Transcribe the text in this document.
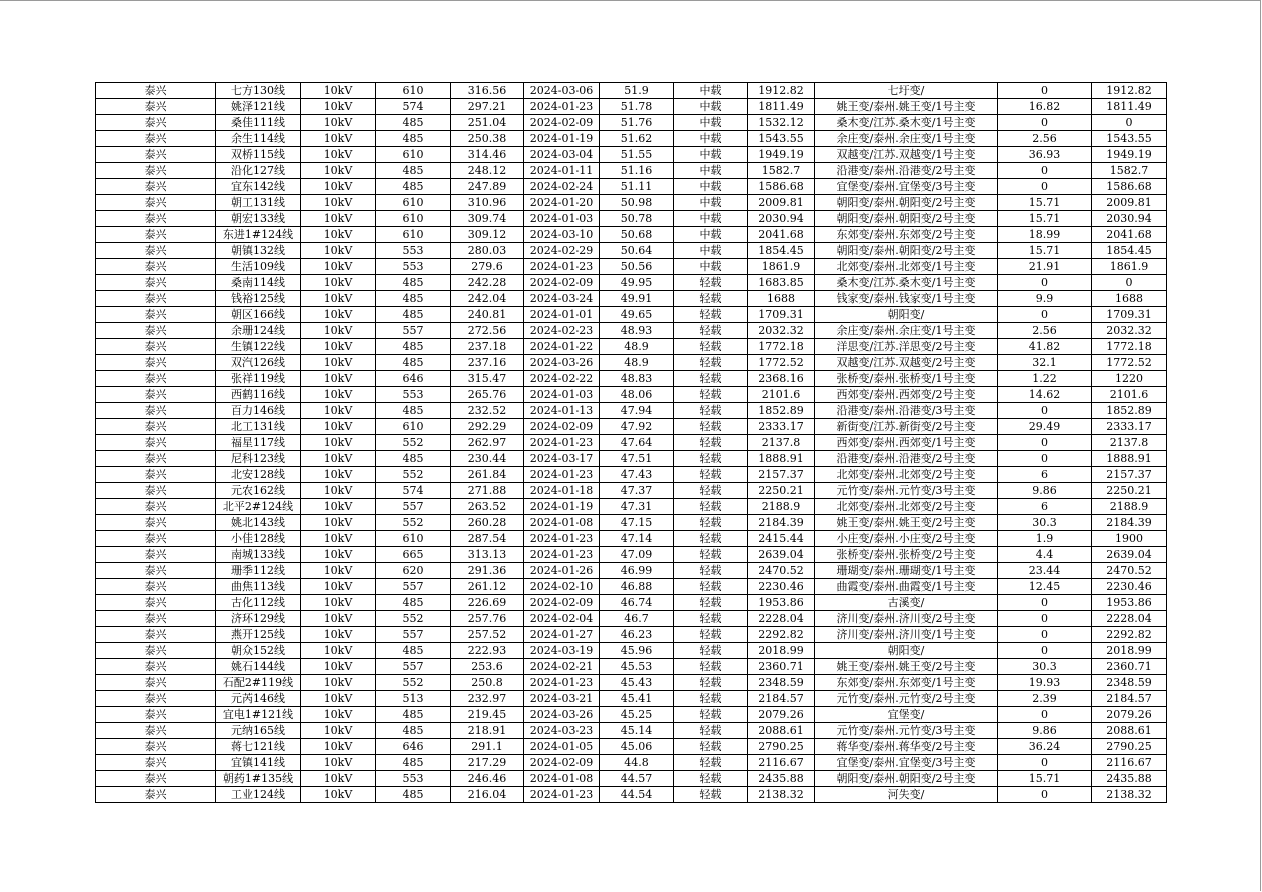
泰兴	七方130线	10kV	610	316.56	2024-03-06	51.9	中载	1912.82	七圩变/	0	1912.82
泰兴	姚泽121线	10kV	574	297.21	2024-01-23	51.78	中载	1811.49	姚王变/泰州.姚王变/1号主变	16.82	1811.49
泰兴	桑佳111线	10kV	485	251.04	2024-02-09	51.76	中载	1532.12	桑木变/江苏.桑木变/1号主变	0	0
泰兴	余生114线	10kV	485	250.38	2024-01-19	51.62	中载	1543.55	余庄变/泰州.余庄变/1号主变	2.56	1543.55
泰兴	双桥115线	10kV	610	314.46	2024-03-04	51.55	中载	1949.19	双越变/江苏.双越变/1号主变	36.93	1949.19
泰兴	沿化127线	10kV	485	248.12	2024-01-11	51.16	中载	1582.7	沿港变/泰州.沿港变/2号主变	0	1582.7
泰兴	宜东142线	10kV	485	247.89	2024-02-24	51.11	中载	1586.68	宜堡变/泰州.宜堡变/3号主变	0	1586.68
泰兴	朝工131线	10kV	610	310.96	2024-01-20	50.98	中载	2009.81	朝阳变/泰州.朝阳变/2号主变	15.71	2009.81
泰兴	朝宏133线	10kV	610	309.74	2024-01-03	50.78	中载	2030.94	朝阳变/泰州.朝阳变/2号主变	15.71	2030.94
泰兴	东进1#124线	10kV	610	309.12	2024-03-10	50.68	中载	2041.68	东郊变/泰州.东郊变/2号主变	18.99	2041.68
泰兴	朝镇132线	10kV	553	280.03	2024-02-29	50.64	中载	1854.45	朝阳变/泰州.朝阳变/2号主变	15.71	1854.45
泰兴	生活109线	10kV	553	279.6	2024-01-23	50.56	中载	1861.9	北郊变/泰州.北郊变/1号主变	21.91	1861.9
泰兴	桑南114线	10kV	485	242.28	2024-02-09	49.95	轻载	1683.85	桑木变/江苏.桑木变/1号主变	0	0
泰兴	钱裕125线	10kV	485	242.04	2024-03-24	49.91	轻载	1688	钱家变/泰州.钱家变/1号主变	9.9	1688
泰兴	朝区166线	10kV	485	240.81	2024-01-01	49.65	轻载	1709.31	朝阳变/	0	1709.31
泰兴	余珊124线	10kV	557	272.56	2024-02-23	48.93	轻载	2032.32	余庄变/泰州.余庄变/1号主变	2.56	2032.32
泰兴	生镇122线	10kV	485	237.18	2024-01-22	48.9	轻载	1772.18	洋思变/江苏.洋思变/2号主变	41.82	1772.18
泰兴	双汽126线	10kV	485	237.16	2024-03-26	48.9	轻载	1772.52	双越变/江苏.双越变/2号主变	32.1	1772.52
泰兴	张祥119线	10kV	646	315.47	2024-02-22	48.83	轻载	2368.16	张桥变/泰州.张桥变/1号主变	1.22	1220
泰兴	西鹤116线	10kV	553	265.76	2024-01-03	48.06	轻载	2101.6	西郊变/泰州.西郊变/2号主变	14.62	2101.6
泰兴	百力146线	10kV	485	232.52	2024-01-13	47.94	轻载	1852.89	沿港变/泰州.沿港变/3号主变	0	1852.89
泰兴	北工131线	10kV	610	292.29	2024-02-09	47.92	轻载	2333.17	新街变/江苏.新街变/2号主变	29.49	2333.17
泰兴	福星117线	10kV	552	262.97	2024-01-23	47.64	轻载	2137.8	西郊变/泰州.西郊变/1号主变	0	2137.8
泰兴	尼科123线	10kV	485	230.44	2024-03-17	47.51	轻载	1888.91	沿港变/泰州.沿港变/2号主变	0	1888.91
泰兴	北安128线	10kV	552	261.84	2024-01-23	47.43	轻载	2157.37	北郊变/泰州.北郊变/2号主变	6	2157.37
泰兴	元农162线	10kV	574	271.88	2024-01-18	47.37	轻载	2250.21	元竹变/泰州.元竹变/3号主变	9.86	2250.21
泰兴	北平2#124线	10kV	557	263.52	2024-01-19	47.31	轻载	2188.9	北郊变/泰州.北郊变/2号主变	6	2188.9
泰兴	姚北143线	10kV	552	260.28	2024-01-08	47.15	轻载	2184.39	姚王变/泰州.姚王变/2号主变	30.3	2184.39
泰兴	小佳128线	10kV	610	287.54	2024-01-23	47.14	轻载	2415.44	小庄变/泰州.小庄变/2号主变	1.9	1900
泰兴	南城133线	10kV	665	313.13	2024-01-23	47.09	轻载	2639.04	张桥变/泰州.张桥变/2号主变	4.4	2639.04
泰兴	珊季112线	10kV	620	291.36	2024-01-26	46.99	轻载	2470.52	珊瑚变/泰州.珊瑚变/1号主变	23.44	2470.52
泰兴	曲焦113线	10kV	557	261.12	2024-02-10	46.88	轻载	2230.46	曲霞变/泰州.曲霞变/1号主变	12.45	2230.46
泰兴	古化112线	10kV	485	226.69	2024-02-09	46.74	轻载	1953.86	古溪变/	0	1953.86
泰兴	济环129线	10kV	552	257.76	2024-02-04	46.7	轻载	2228.04	济川变/泰州.济川变/2号主变	0	2228.04
泰兴	燕开125线	10kV	557	257.52	2024-01-27	46.23	轻载	2292.82	济川变/泰州.济川变/1号主变	0	2292.82
泰兴	朝众152线	10kV	485	222.93	2024-03-19	45.96	轻载	2018.99	朝阳变/	0	2018.99
泰兴	姚石144线	10kV	557	253.6	2024-02-21	45.53	轻载	2360.71	姚王变/泰州.姚王变/2号主变	30.3	2360.71
泰兴	石配2#119线	10kV	552	250.8	2024-01-23	45.43	轻载	2348.59	东郊变/泰州.东郊变/1号主变	19.93	2348.59
泰兴	元芮146线	10kV	513	232.97	2024-03-21	45.41	轻载	2184.57	元竹变/泰州.元竹变/2号主变	2.39	2184.57
泰兴	宜电1#121线	10kV	485	219.45	2024-03-26	45.25	轻载	2079.26	宜堡变/	0	2079.26
泰兴	元纳165线	10kV	485	218.91	2024-03-23	45.14	轻载	2088.61	元竹变/泰州.元竹变/3号主变	9.86	2088.61
泰兴	蒋七121线	10kV	646	291.1	2024-01-05	45.06	轻载	2790.25	蒋华变/泰州.蒋华变/2号主变	36.24	2790.25
泰兴	宜镇141线	10kV	485	217.29	2024-02-09	44.8	轻载	2116.67	宜堡变/泰州.宜堡变/3号主变	0	2116.67
泰兴	朝药1#135线	10kV	553	246.46	2024-01-08	44.57	轻载	2435.88	朝阳变/泰州.朝阳变/2号主变	15.71	2435.88
泰兴	工业124线	10kV	485	216.04	2024-01-23	44.54	轻载	2138.32	河失变/	0	2138.32
